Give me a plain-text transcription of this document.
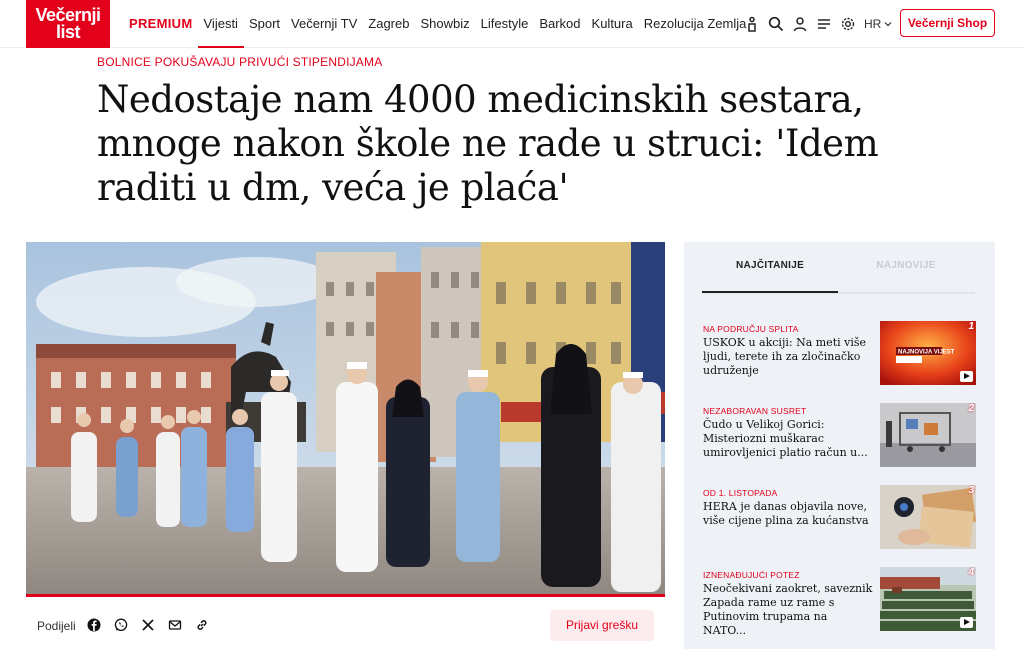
Večernji
list	PREMIUM Vijesti Sport Večernji TV Zagreb Showbiz Lifestyle Barkod Kultura Rezolucija Zemlja	HR	Večernji Shop
BOLNICE POKUŠAVAJU PRIVUĆI STIPENDIJAMA
Nedostaje nam 4000 medicinskih sestara, mnoge nakon škole ne rade u struci: 'Idem raditi u dm, veća je plaća'
Podijeli	Prijavi grešku
NAJČITANIJE	NAJNOVIJE
NA PODRUČJU SPLITA
USKOK u akciji: Na meti više ljudi, terete ih za zločinačko udruženje
NAJNOVIJA VIJEST
1
NEZABORAVAN SUSRET
Čudo u Velikoj Gorici: Misteriozni muškarac umirovljenici platio račun u...
2
OD 1. LISTOPADA
HERA je danas objavila nove, više cijene plina za kućanstva
3
IZNENAĐUJUĆI POTEZ
Neočekivani zaokret, saveznik Zapada rame uz rame s Putinovim trupama na NATO...
4
